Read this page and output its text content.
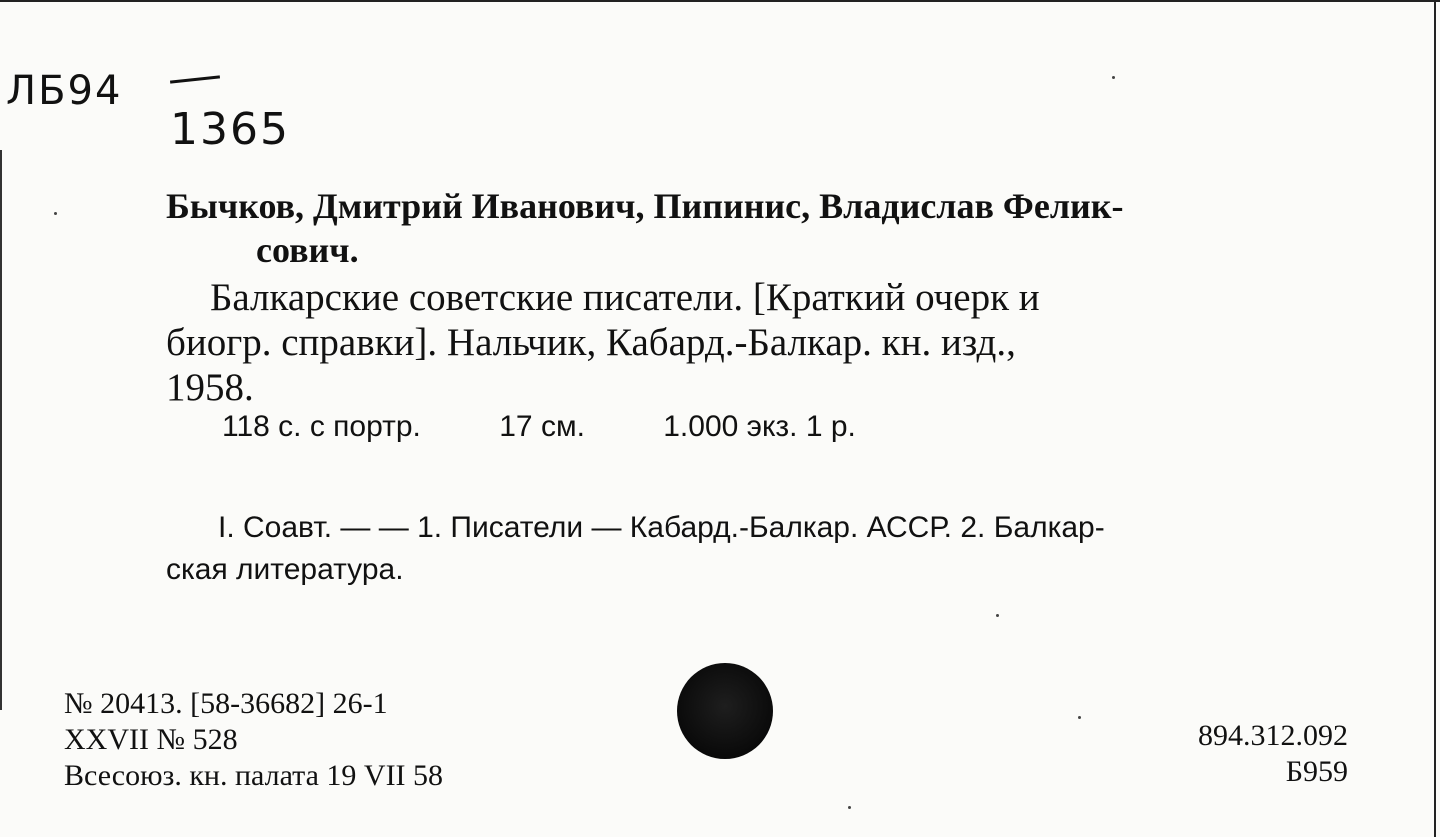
ЛБ94
1365
Бычков, Дмитрий Иванович, Пипинис, Владислав Фелик-
сович.
Балкарские советские писатели. [Краткий очерк и
биогр. справки]. Нальчик, Кабард.-Балкар. кн. изд.,
1958.
118 с. с портр.	17 см.	1.000 экз. 1 р.
I. Соавт. — — 1. Писатели — Кабард.-Балкар. АССР. 2. Балкар-
ская литература.
№ 20413. [58-36682] 26-1
XXVII № 528
Всесоюз. кн. палата 19 VII 58
894.312.092
Б959
